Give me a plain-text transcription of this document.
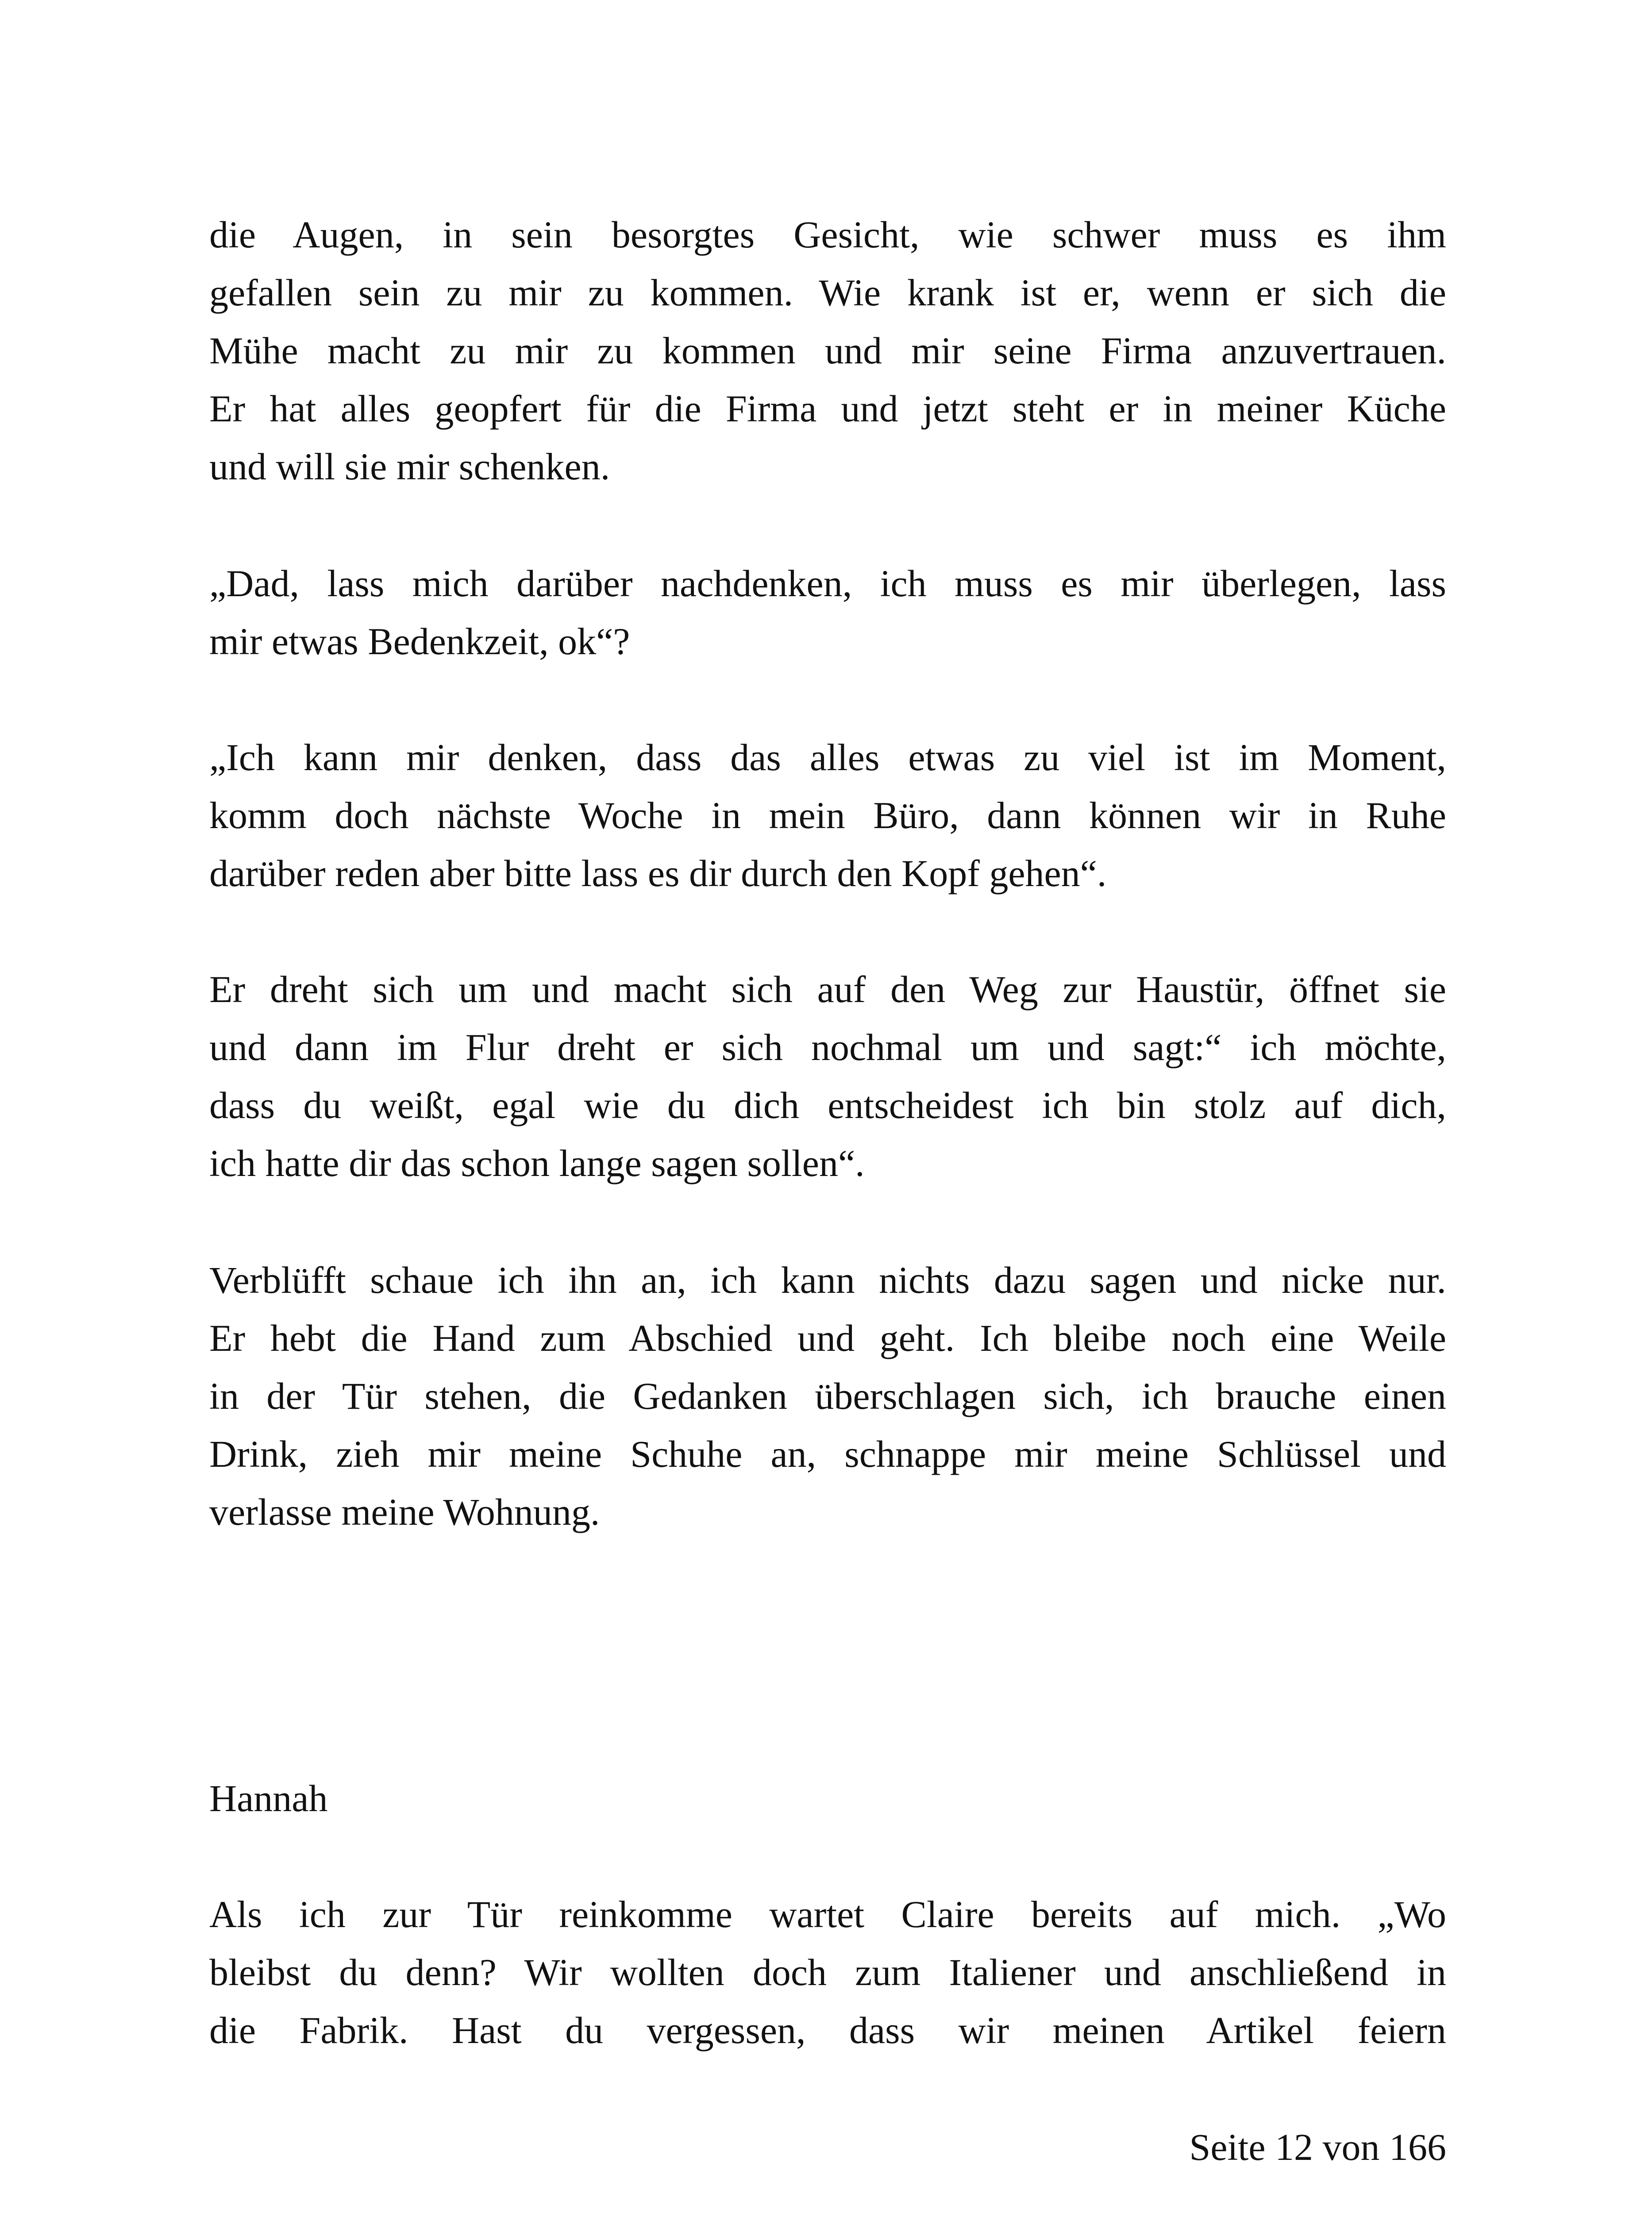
die Augen, in sein besorgtes Gesicht, wie schwer muss es ihm
gefallen sein zu mir zu kommen. Wie krank ist er, wenn er sich die
Mühe macht zu mir zu kommen und mir seine Firma anzuvertrauen.
Er hat alles geopfert für die Firma und jetzt steht er in meiner Küche
und will sie mir schenken.
„Dad, lass mich darüber nachdenken, ich muss es mir überlegen, lass
mir etwas Bedenkzeit, ok“?
„Ich kann mir denken, dass das alles etwas zu viel ist im Moment,
komm doch nächste Woche in mein Büro, dann können wir in Ruhe
darüber reden aber bitte lass es dir durch den Kopf gehen“.
Er dreht sich um und macht sich auf den Weg zur Haustür, öffnet sie
und dann im Flur dreht er sich nochmal um und sagt:“ ich möchte,
dass du weißt, egal wie du dich entscheidest ich bin stolz auf dich,
ich hatte dir das schon lange sagen sollen“.
Verblüfft schaue ich ihn an, ich kann nichts dazu sagen und nicke nur.
Er hebt die Hand zum Abschied und geht. Ich bleibe noch eine Weile
in der Tür stehen, die Gedanken überschlagen sich, ich brauche einen
Drink, zieh mir meine Schuhe an, schnappe mir meine Schlüssel und
verlasse meine Wohnung.
Hannah
Als ich zur Tür reinkomme wartet Claire bereits auf mich. „Wo
bleibst du denn? Wir wollten doch zum Italiener und anschließend in
die Fabrik. Hast du vergessen, dass wir meinen Artikel feiern
Seite 12 von 166
